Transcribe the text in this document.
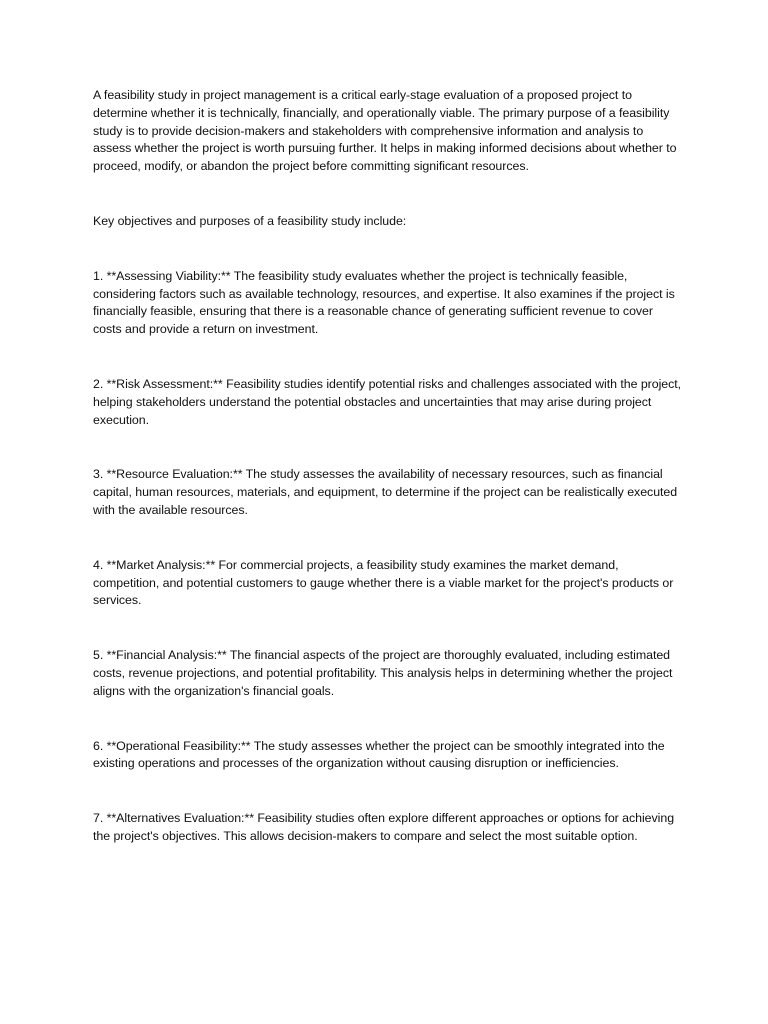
A feasibility study in project management is a critical early-stage evaluation of a proposed project to determine whether it is technically, financially, and operationally viable. The primary purpose of a feasibility study is to provide decision-makers and stakeholders with comprehensive information and analysis to assess whether the project is worth pursuing further. It helps in making informed decisions about whether to proceed, modify, or abandon the project before committing significant resources.

Key objectives and purposes of a feasibility study include:

1. **Assessing Viability:** The feasibility study evaluates whether the project is technically feasible, considering factors such as available technology, resources, and expertise. It also examines if the project is financially feasible, ensuring that there is a reasonable chance of generating sufficient revenue to cover costs and provide a return on investment.

2. **Risk Assessment:** Feasibility studies identify potential risks and challenges associated with the project, helping stakeholders understand the potential obstacles and uncertainties that may arise during project execution.

3. **Resource Evaluation:** The study assesses the availability of necessary resources, such as financial capital, human resources, materials, and equipment, to determine if the project can be realistically executed with the available resources.

4. **Market Analysis:** For commercial projects, a feasibility study examines the market demand, competition, and potential customers to gauge whether there is a viable market for the project's products or services.

5. **Financial Analysis:** The financial aspects of the project are thoroughly evaluated, including estimated costs, revenue projections, and potential profitability. This analysis helps in determining whether the project aligns with the organization's financial goals.

6. **Operational Feasibility:** The study assesses whether the project can be smoothly integrated into the existing operations and processes of the organization without causing disruption or inefficiencies.

7. **Alternatives Evaluation:** Feasibility studies often explore different approaches or options for achieving the project's objectives. This allows decision-makers to compare and select the most suitable option.
